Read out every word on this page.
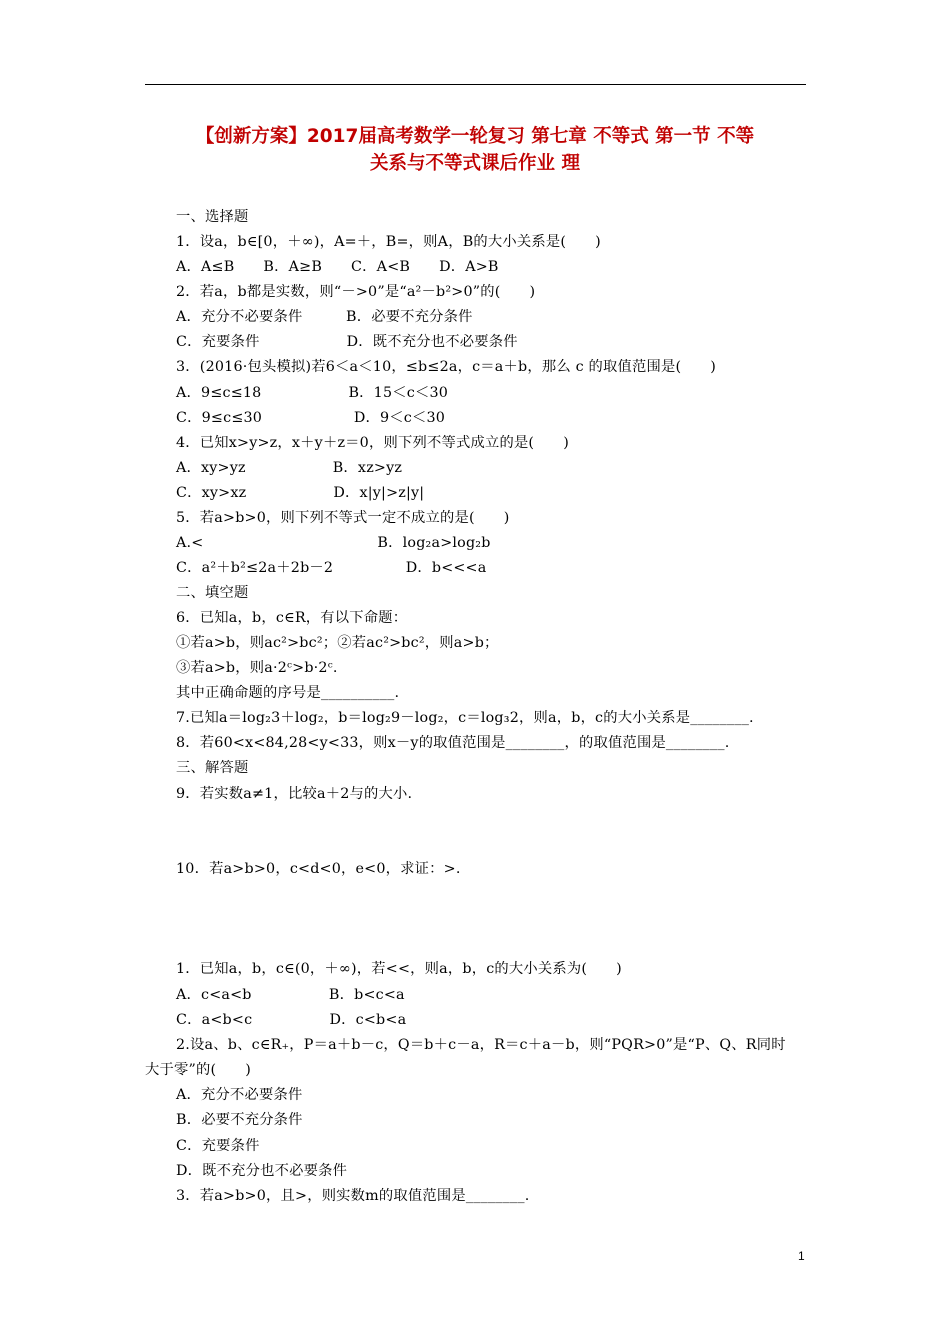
【创新方案】2017届高考数学一轮复习 第七章 不等式 第一节 不等
关系与不等式课后作业 理
一、选择题
1．设a，b∈[0，＋∞)，A=＋，B=，则A，B的大小关系是(　　)
A．A≤B　　B．A≥B　　C．A<B　　D．A>B
2．若a，b都是实数，则“－>0”是“a²－b²>0”的(　　)
A．充分不必要条件　　　B．必要不充分条件
C．充要条件　　　　　　D．既不充分也不必要条件
3．(2016·包头模拟)若6＜a＜10，≤b≤2a，c＝a＋b，那么 c 的取值范围是(　　)
A．9≤c≤18　　　　　　B．15＜c＜30
C．9≤c≤30　　　　　　 D．9＜c＜30
4．已知x>y>z，x＋y＋z＝0，则下列不等式成立的是(　　)
A．xy>yz　　　　　　B．xz>yz
C．xy>xz　　　　　　D．x|y|>z|y|
5．若a>b>0，则下列不等式一定不成立的是(　　)
A.<　　　　　　　　　　　　B．log₂a>log₂b
C．a²＋b²≤2a＋2b－2　　　　　D．b<<<a
二、填空题
6．已知a，b，c∈R，有以下命题：
①若a>b，则ac²>bc²；②若ac²>bc²，则a>b；
③若a>b，则a·2ᶜ>b·2ᶜ.
其中正确命题的序号是__________.
7.已知a＝log₂3＋log₂，b＝log₂9－log₂，c＝log₃2，则a，b，c的大小关系是________.
8．若60<x<84,28<y<33，则x－y的取值范围是________，的取值范围是________.
三、解答题
9．若实数a≠1，比较a＋2与的大小.
10．若a>b>0，c<d<0，e<0，求证：>.
1．已知a，b，c∈(0，＋∞)，若<<，则a，b，c的大小关系为(　　)
A．c<a<b　　　　　 B．b<c<a
C．a<b<c　　　　　 D．c<b<a
2.设a、b、c∈R₊，P＝a＋b－c，Q＝b＋c－a，R＝c＋a－b，则“PQR>0”是“P、Q、R同时
大于零”的(　　)
A．充分不必要条件
B．必要不充分条件
C．充要条件
D．既不充分也不必要条件
3．若a>b>0，且>，则实数m的取值范围是________.
1
